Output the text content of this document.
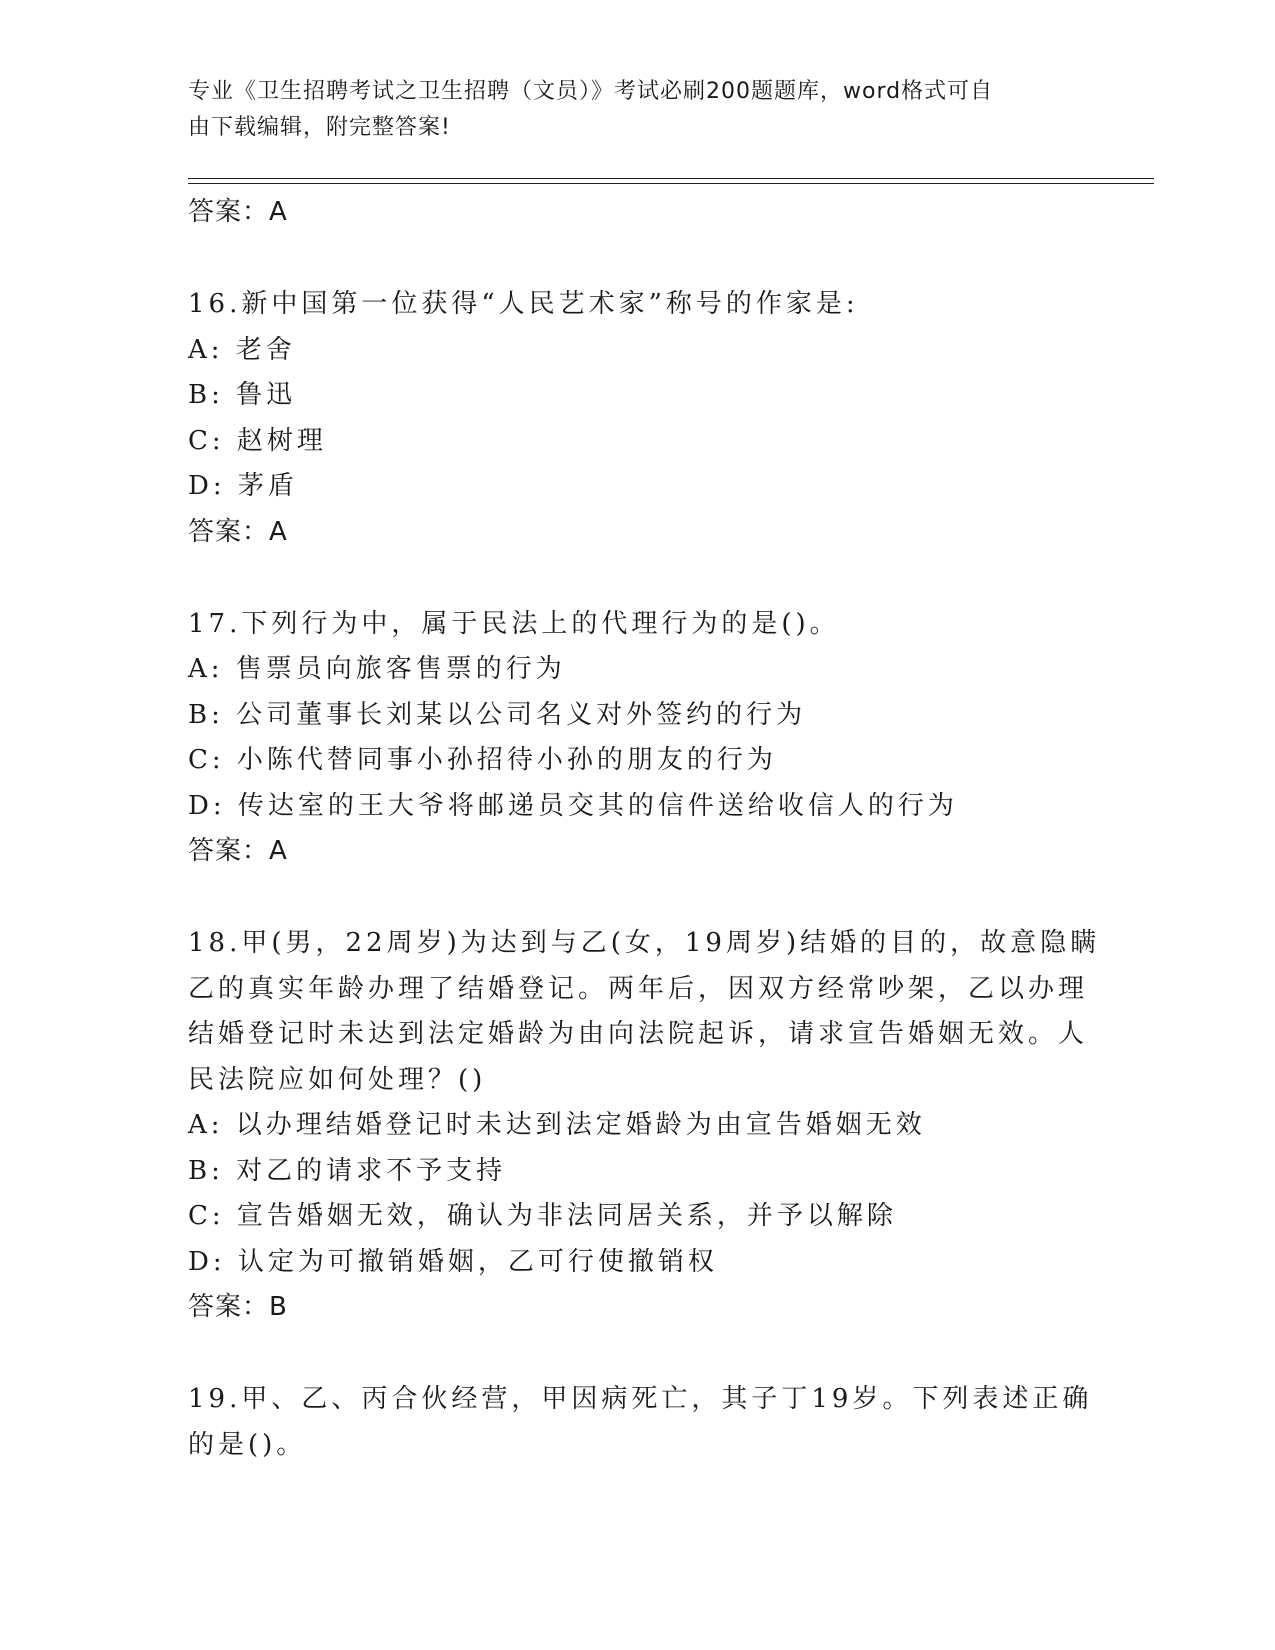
专业《卫生招聘考试之卫生招聘（文员）》考试必刷200题题库，word格式可自
由下载编辑，附完整答案!
答案：A
16.新中国第一位获得“人民艺术家”称号的作家是:
A: 老舍
B: 鲁迅
C: 赵树理
D: 茅盾
答案：A
17.下列行为中，属于民法上的代理行为的是()。
A: 售票员向旅客售票的行为
B: 公司董事长刘某以公司名义对外签约的行为
C: 小陈代替同事小孙招待小孙的朋友的行为
D: 传达室的王大爷将邮递员交其的信件送给收信人的行为
答案：A
18.甲(男，22周岁)为达到与乙(女，19周岁)结婚的目的，故意隐瞒
乙的真实年龄办理了结婚登记。两年后，因双方经常吵架，乙以办理
结婚登记时未达到法定婚龄为由向法院起诉，请求宣告婚姻无效。人
民法院应如何处理？()
A: 以办理结婚登记时未达到法定婚龄为由宣告婚姻无效
B: 对乙的请求不予支持
C: 宣告婚姻无效，确认为非法同居关系，并予以解除
D: 认定为可撤销婚姻，乙可行使撤销权
答案：B
19.甲、乙、丙合伙经营，甲因病死亡，其子丁19岁。下列表述正确
的是()。
